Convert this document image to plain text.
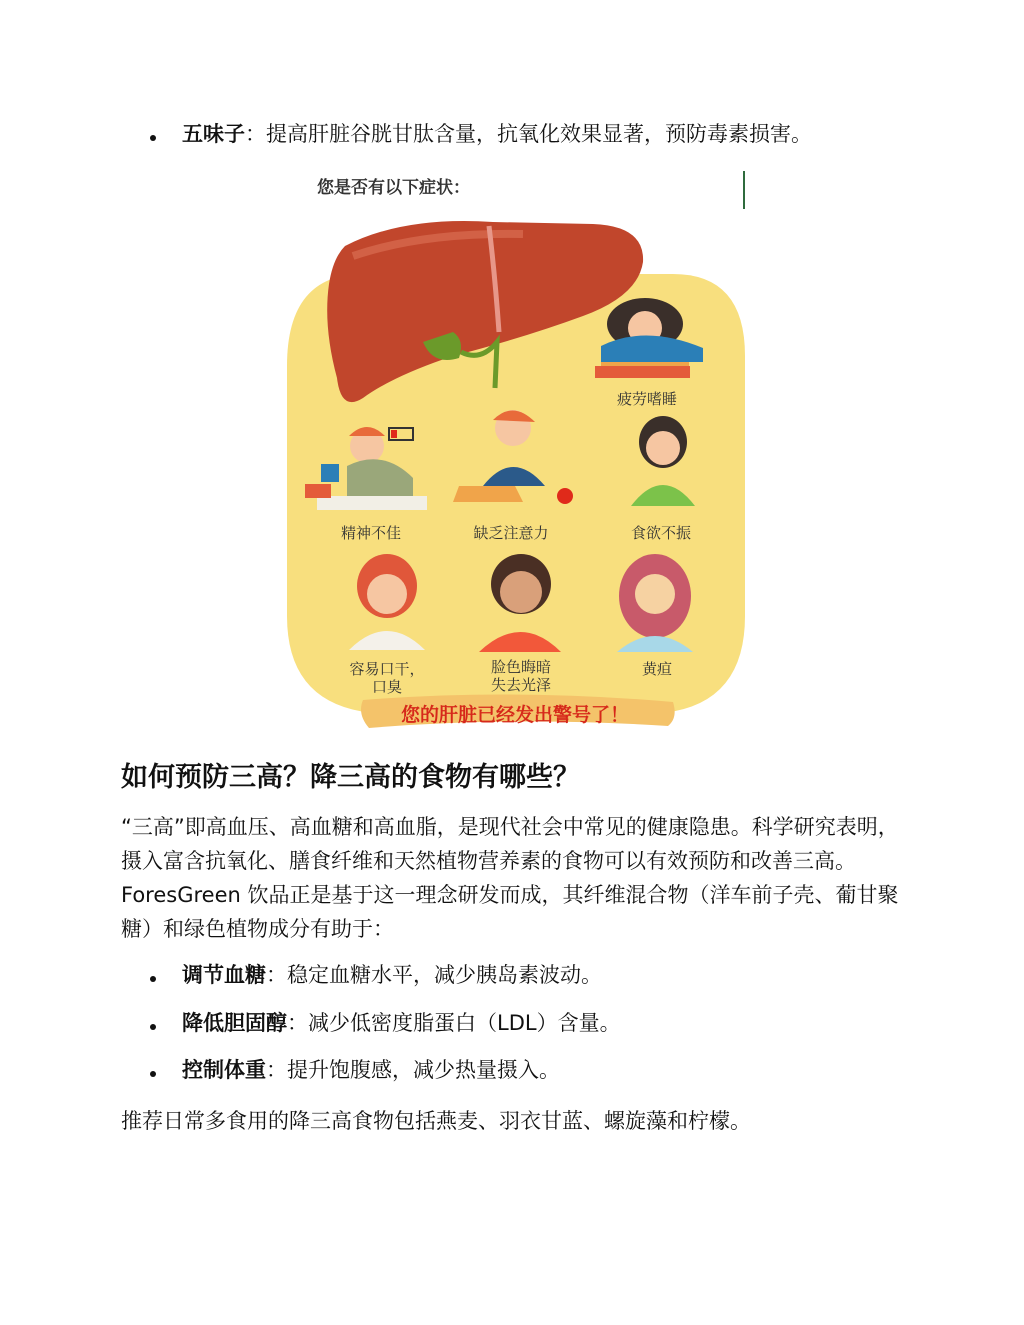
五味子：提高肝脏谷胱甘肽含量，抗氧化效果显著，预防毒素损害。
您是否有以下症状：
疲劳嗜睡
精神不佳	缺乏注意力	食欲不振
容易口干，
口臭
脸色晦暗
失去光泽
黄疸
您的肝脏已经发出警号了！
如何预防三高？降三高的食物有哪些？

“三高”即高血压、高血糖和高血脂，是现代社会中常见的健康隐患。科学研究表明，摄入富含抗氧化、膳食纤维和天然植物营养素的食物可以有效预防和改善三高。ForesGreen 饮品正是基于这一理念研发而成，其纤维混合物（洋车前子壳、葡甘聚糖）和绿色植物成分有助于：

调节血糖：稳定血糖水平，减少胰岛素波动。
降低胆固醇：减少低密度脂蛋白（LDL）含量。
控制体重：提升饱腹感，减少热量摄入。
推荐日常多食用的降三高食物包括燕麦、羽衣甘蓝、螺旋藻和柠檬。
